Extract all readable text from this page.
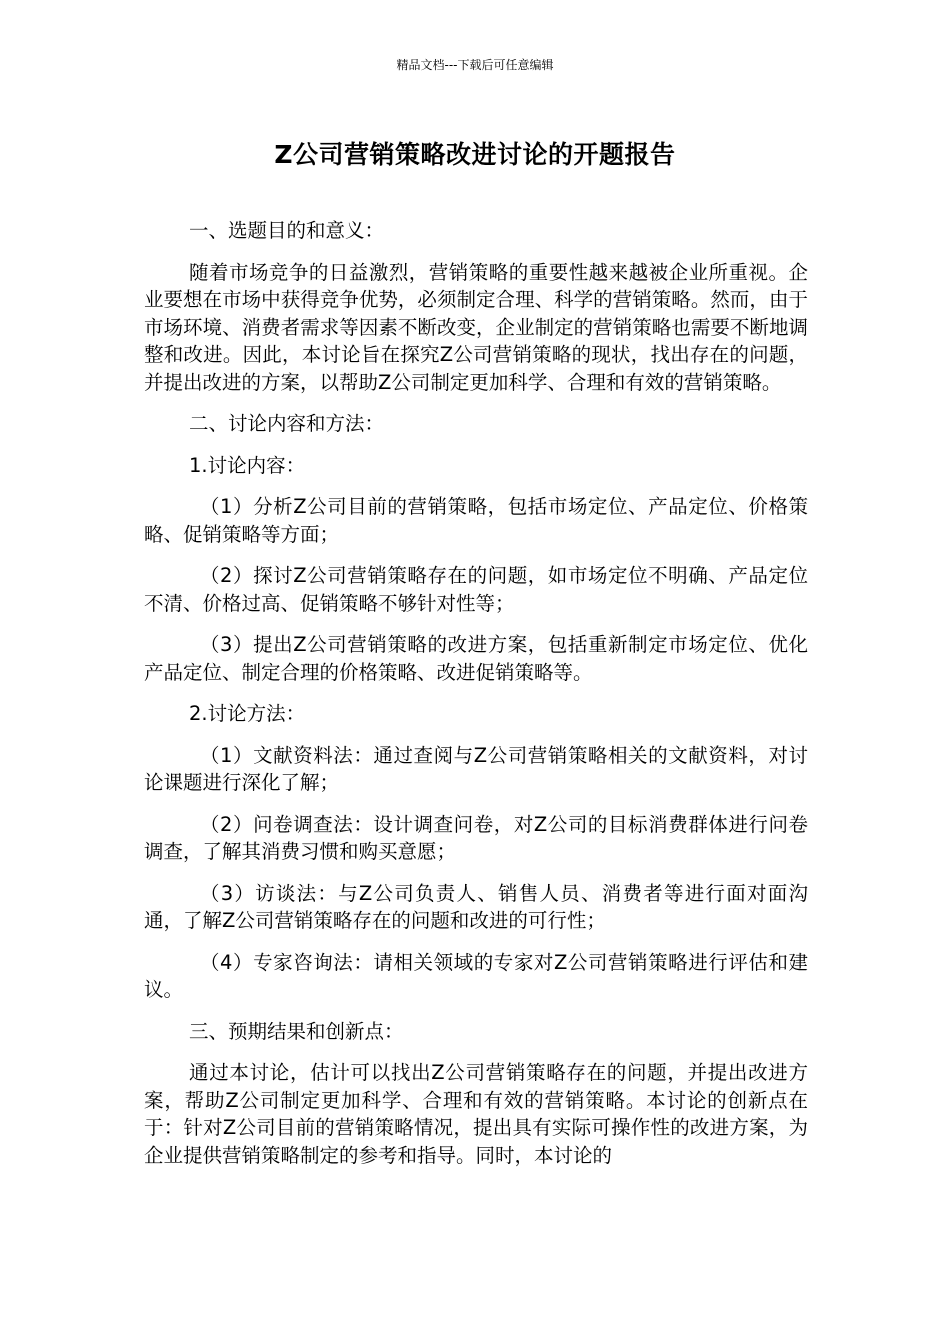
精品文档---下载后可任意编辑
Z公司营销策略改进讨论的开题报告

一、选题目的和意义：

随着市场竞争的日益激烈，营销策略的重要性越来越被企业所重视。企业要想在市场中获得竞争优势，必须制定合理、科学的营销策略。然而，由于市场环境、消费者需求等因素不断改变，企业制定的营销策略也需要不断地调整和改进。因此，本讨论旨在探究Z公司营销策略的现状，找出存在的问题，并提出改进的方案，以帮助Z公司制定更加科学、合理和有效的营销策略。

二、讨论内容和方法：

1.讨论内容：

（1）分析Z公司目前的营销策略，包括市场定位、产品定位、价格策略、促销策略等方面；

（2）探讨Z公司营销策略存在的问题，如市场定位不明确、产品定位不清、价格过高、促销策略不够针对性等；

（3）提出Z公司营销策略的改进方案，包括重新制定市场定位、优化产品定位、制定合理的价格策略、改进促销策略等。

2.讨论方法：

（1）文献资料法：通过查阅与Z公司营销策略相关的文献资料，对讨论课题进行深化了解；

（2）问卷调查法：设计调查问卷，对Z公司的目标消费群体进行问卷调查，了解其消费习惯和购买意愿；

（3）访谈法：与Z公司负责人、销售人员、消费者等进行面对面沟通，了解Z公司营销策略存在的问题和改进的可行性；

（4）专家咨询法：请相关领域的专家对Z公司营销策略进行评估和建议。

三、预期结果和创新点：

通过本讨论，估计可以找出Z公司营销策略存在的问题，并提出改进方案，帮助Z公司制定更加科学、合理和有效的营销策略。本讨论的创新点在于：针对Z公司目前的营销策略情况，提出具有实际可操作性的改进方案，为企业提供营销策略制定的参考和指导。同时，本讨论的
